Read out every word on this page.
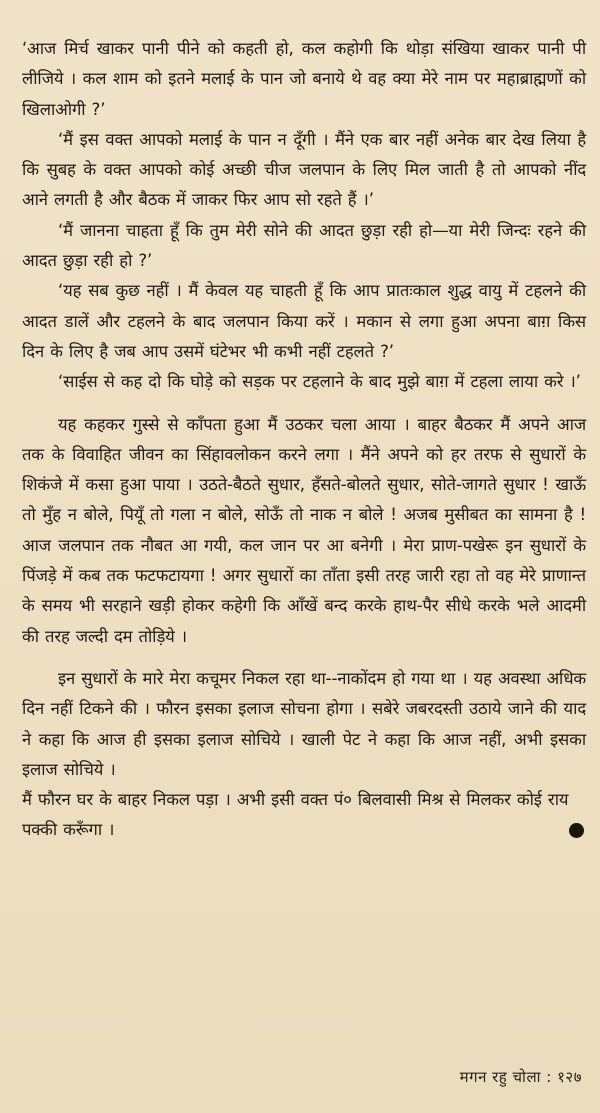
‘आज मिर्च खाकर पानी पीने को कहती हो, कल कहोगी कि थोड़ा संखिया खाकर पानी पी लीजिये । कल शाम को इतने मलाई के पान जो बनाये थे वह क्या मेरे नाम पर महाब्राह्मणों को खिलाओगी ?’

‘मैं इस वक्त आपको मलाई के पान न दूँगी । मैंने एक बार नहीं अनेक बार देख लिया है कि सुबह के वक्त आपको कोई अच्छी चीज जलपान के लिए मिल जाती है तो आपको नींद आने लगती है और बैठक में जाकर फिर आप सो रहते हैं ।’

‘मैं जानना चाहता हूँ कि तुम मेरी सोने की आदत छुड़ा रही हो—या मेरी जिन्दः रहने की आदत छुड़ा रही हो ?’

‘यह सब कुछ नहीं । मैं केवल यह चाहती हूँ कि आप प्रातःकाल शुद्ध वायु में टहलने की आदत डालें और टहलने के बाद जलपान किया करें । मकान से लगा हुआ अपना बाग़ किस दिन के लिए है जब आप उसमें घंटेभर भी कभी नहीं टहलते ?’

‘साईस से कह दो कि घोड़े को सड़क पर टहलाने के बाद मुझे बाग़ में टहला लाया करे ।’

यह कहकर गुस्से से काँपता हुआ मैं उठकर चला आया । बाहर बैठकर मैं अपने आज तक के विवाहित जीवन का सिंहावलोकन करने लगा । मैंने अपने को हर तरफ से सुधारों के शिकंजे में कसा हुआ पाया । उठते-बैठते सुधार, हँसते-बोलते सुधार, सोते-जागते सुधार ! खाऊँ तो मुँह न बोले, पियूँ तो गला न बोले, सोऊँ तो नाक न बोले ! अजब मुसीबत का सामना है ! आज जलपान तक नौबत आ गयी, कल जान पर आ बनेगी । मेरा प्राण-पखेरू इन सुधारों के पिंजड़े में कब तक फटफटायगा ! अगर सुधारों का ताँता इसी तरह जारी रहा तो वह मेरे प्राणान्त के समय भी सरहाने खड़ी होकर कहेगी कि आँखें बन्द करके हाथ-पैर सीधे करके भले आदमी की तरह जल्दी दम तोड़िये ।

इन सुधारों के मारे मेरा कचूमर निकल रहा था--नाकोंदम हो गया था । यह अवस्था अधिक दिन नहीं टिकने की । फौरन इसका इलाज सोचना होगा । सबेरे जबरदस्ती उठाये जाने की याद ने कहा कि आज ही इसका इलाज सोचिये । खाली पेट ने कहा कि आज नहीं, अभी इसका इलाज सोचिये ।

मैं फौरन घर के बाहर निकल पड़ा । अभी इसी वक्त पं० बिलवासी मिश्र से मिलकर कोई राय पक्की करूँगा ।

मगन रहु चोला : १२७
